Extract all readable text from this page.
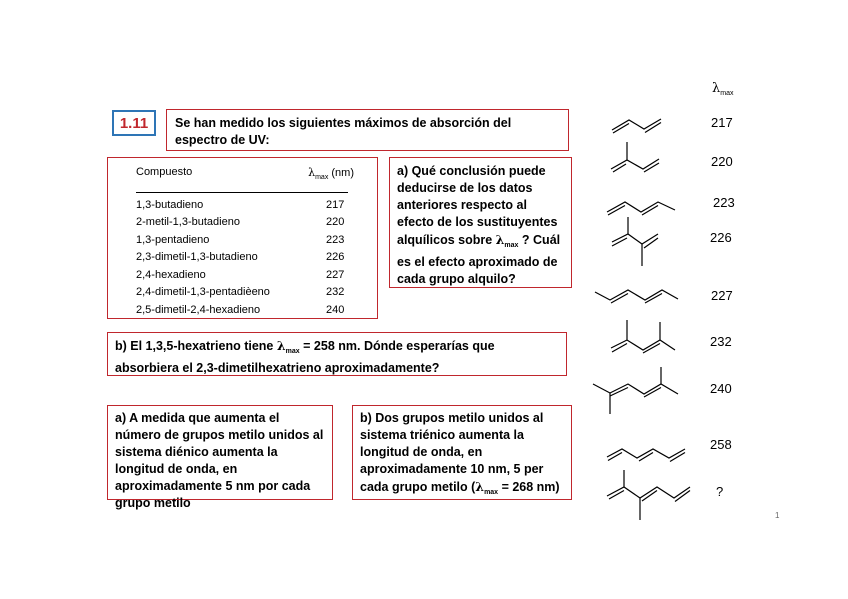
1.11	Se han medido los siguientes máximos de absorción del espectro de UV:
Compuesto	$\lambda_{max}$ (nm)
1,3-butadieno	217
2-metil-1,3-butadieno	220
1,3-pentadieno	223
2,3-dimetil-1,3-butadieno	226
2,4-hexadieno	227
2,4-dimetil-1,3-pentadièeno	232
2,5-dimetil-2,4-hexadieno	240
a) Qué conclusión puede deducirse de los datos anteriores respecto al efecto de los sustituyentes alquílicos sobre $\lambda_{max}$ ? Cuál es el efecto aproximado de cada grupo alquilo?
b) El 1,3,5-hexatrieno tiene $\lambda_{max} = 258$ nm. Dónde esperarías que absorbiera el 2,3-dimetilhexatrieno aproximadamente?
a) A medida que aumenta el número de grupos metilo unidos al sistema diénico aumenta la longitud de onda, en aproximadamente 5 nm por cada grupo metilo
b) Dos grupos metilo unidos al sistema triénico aumenta la longitud de onda, en aproximadamente 10 nm, 5 per cada grupo metilo ($\lambda_{max} = 268$ nm)
$\lambda_{max}$
217
220
223
226
227
232
240
258
?
1
